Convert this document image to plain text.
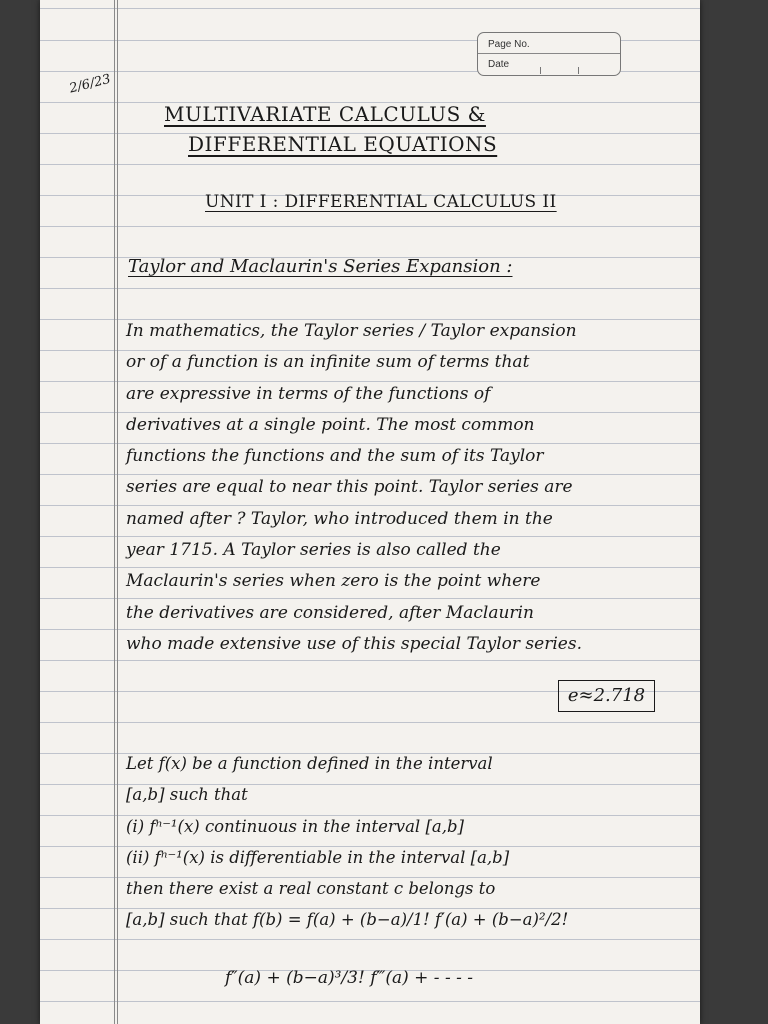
Page No.
Date
2/6/23
MULTIVARIATE CALCULUS &
DIFFERENTIAL EQUATIONS
UNIT I : DIFFERENTIAL CALCULUS II
Taylor and Maclaurin's Series Expansion :
In mathematics, the Taylor series / Taylor expansion
or of a function is an infinite sum of terms that
are expressive in terms of the functions of
derivatives at a single point. The most common
functions the functions and the sum of its Taylor
series are equal to near this point. Taylor series are
named after ? Taylor, who introduced them in the
year 1715. A Taylor series is also called the
Maclaurin's series when zero is the point where
the derivatives are considered, after Maclaurin
who made extensive use of this special Taylor series.
e≈2.718
Let f(x) be a function defined in the interval
[a,b] such that
(i) fⁿ⁻¹(x) continuous in the interval [a,b]
(ii) fⁿ⁻¹(x) is differentiable in the interval [a,b]
then there exist a real constant c belongs to
[a,b] such that f(b) = f(a) + (b−a)/1! f′(a) + (b−a)²/2!
f″(a) + (b−a)³/3! f‴(a) + - - - -
